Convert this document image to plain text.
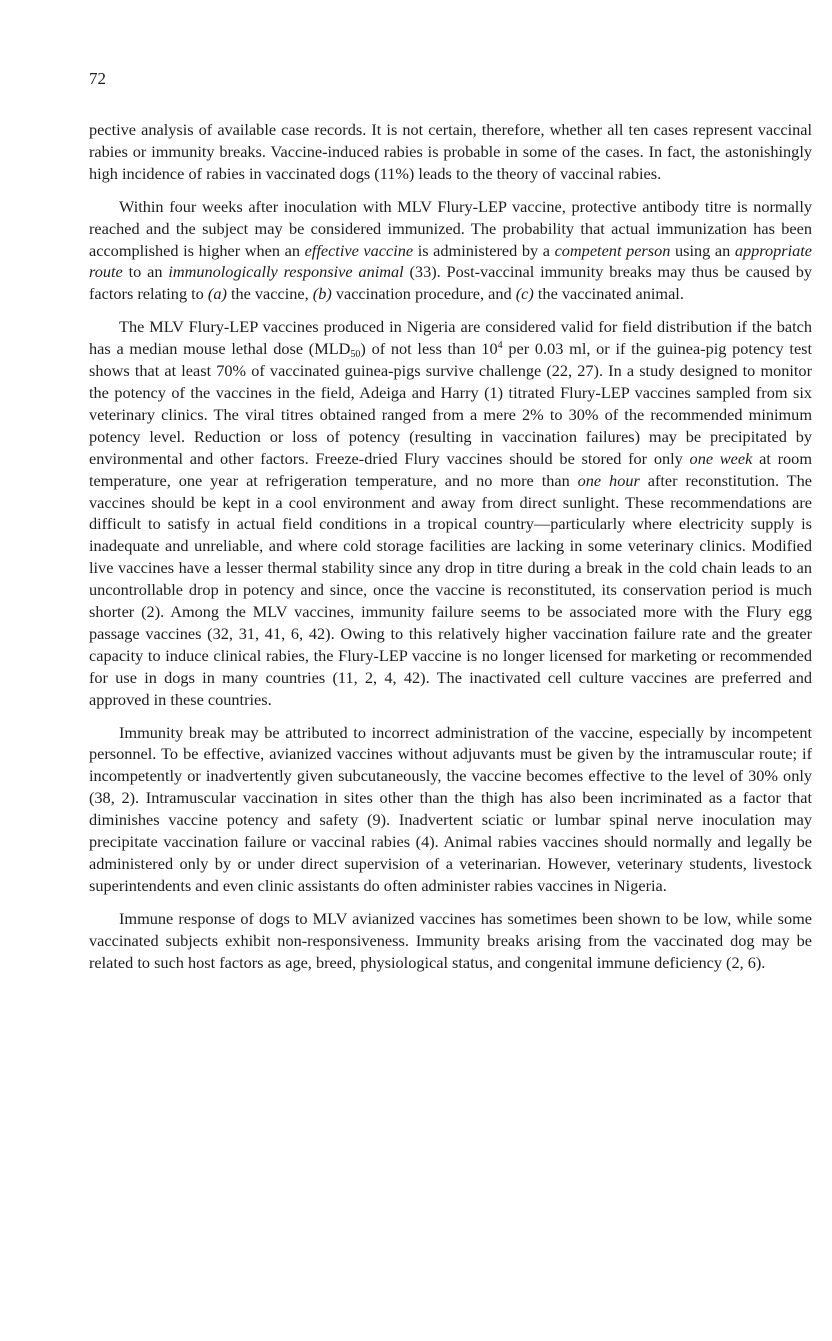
72

pective analysis of available case records. It is not certain, therefore, whether all ten cases represent vaccinal rabies or immunity breaks. Vaccine-induced rabies is probable in some of the cases. In fact, the astonishingly high incidence of rabies in vaccinated dogs (11%) leads to the theory of vaccinal rabies.

Within four weeks after inoculation with MLV Flury-LEP vaccine, protective antibody titre is normally reached and the subject may be considered immunized. The probability that actual immunization has been accomplished is higher when an effective vaccine is administered by a competent person using an appropriate route to an immunologically responsive animal (33). Post-vaccinal immunity breaks may thus be caused by factors relating to (a) the vaccine, (b) vaccination procedure, and (c) the vaccinated animal.

The MLV Flury-LEP vaccines produced in Nigeria are considered valid for field distribution if the batch has a median mouse lethal dose $(MLD_{50})$ of not less than $10^4$ per 0.03 ml, or if the guinea-pig potency test shows that at least 70% of vaccinated guinea-pigs survive challenge (22, 27). In a study designed to monitor the potency of the vaccines in the field, Adeiga and Harry (1) titrated Flury-LEP vaccines sampled from six veterinary clinics. The viral titres obtained ranged from a mere 2% to 30% of the recommended minimum potency level. Reduction or loss of potency (resulting in vaccination failures) may be precipitated by environmental and other factors. Freeze-dried Flury vaccines should be stored for only one week at room temperature, one year at refrigeration temperature, and no more than one hour after reconstitution. The vaccines should be kept in a cool environment and away from direct sunlight. These recommendations are difficult to satisfy in actual field conditions in a tropical country—particularly where electricity supply is inadequate and unreliable, and where cold storage facilities are lacking in some veterinary clinics. Modified live vaccines have a lesser thermal stability since any drop in titre during a break in the cold chain leads to an uncontrollable drop in potency and since, once the vaccine is reconstituted, its conservation period is much shorter (2). Among the MLV vaccines, immunity failure seems to be associated more with the Flury egg passage vaccines (32, 31, 41, 6, 42). Owing to this relatively higher vaccination failure rate and the greater capacity to induce clinical rabies, the Flury-LEP vaccine is no longer licensed for marketing or recommended for use in dogs in many countries (11, 2, 4, 42). The inactivated cell culture vaccines are preferred and approved in these countries.

Immunity break may be attributed to incorrect administration of the vaccine, especially by incompetent personnel. To be effective, avianized vaccines without adjuvants must be given by the intramuscular route; if incompetently or inadvertently given subcutaneously, the vaccine becomes effective to the level of 30% only (38, 2). Intramuscular vaccination in sites other than the thigh has also been incriminated as a factor that diminishes vaccine potency and safety (9). Inadvertent sciatic or lumbar spinal nerve inoculation may precipitate vaccination failure or vaccinal rabies (4). Animal rabies vaccines should normally and legally be administered only by or under direct supervision of a veterinarian. However, veterinary students, livestock superintendents and even clinic assistants do often administer rabies vaccines in Nigeria.

Immune response of dogs to MLV avianized vaccines has sometimes been shown to be low, while some vaccinated subjects exhibit non-responsiveness. Immunity breaks arising from the vaccinated dog may be related to such host factors as age, breed, physiological status, and congenital immune deficiency (2, 6).
